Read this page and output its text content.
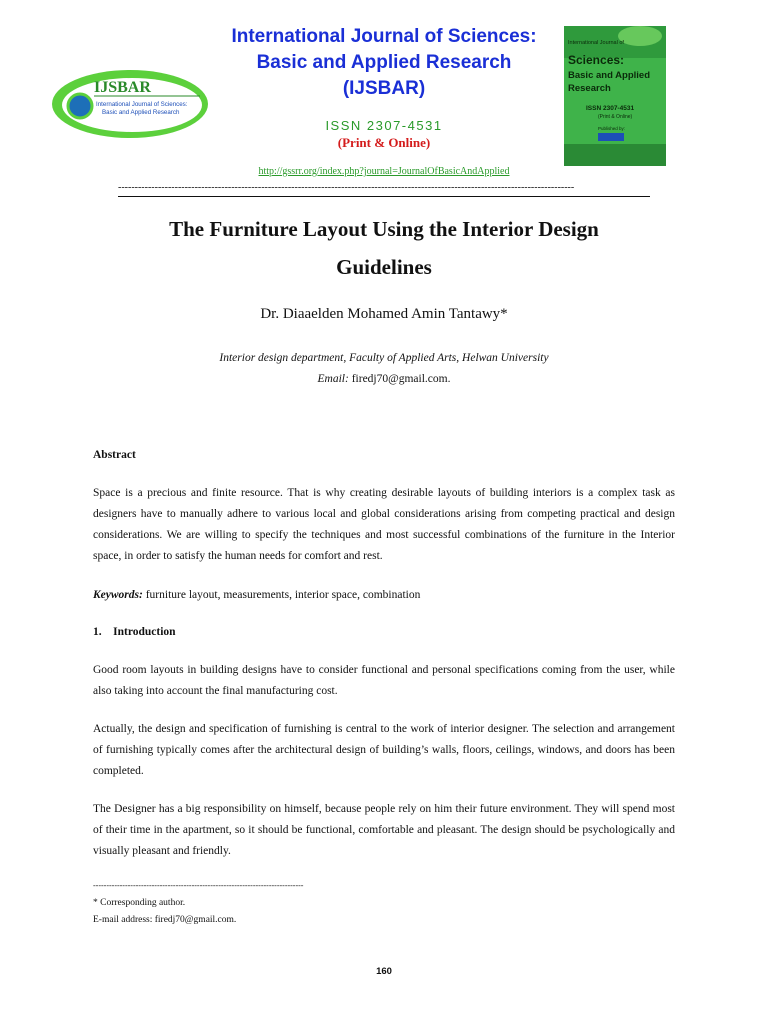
IJSBAR
International Journal of Sciences:
Basic and Applied Research
International Journal of Sciences:
Basic and Applied Research
(IJSBAR)
ISSN 2307-4531
(Print & Online)
http://gssrr.org/index.php?journal=JournalOfBasicAndApplied
International Journal of
Sciences:
Basic and Applied
Research
ISSN 2307-4531
(Print & Online)
Published by:
-----------------------------------------------------------------------------------------------------------------------------------------
The Furniture Layout Using the Interior Design
Guidelines
Dr. Diaaelden Mohamed Amin Tantawy*
Interior design department, Faculty of Applied Arts, Helwan University
Email: firedj70@gmail.com.
Abstract
Space is a precious and finite resource. That is why creating desirable layouts of building interiors is a complex task as designers have to manually adhere to various local and global considerations arising from competing practical and design considerations. We are willing to specify the techniques and most successful combinations of the furniture in the Interior space, in order to satisfy the human needs for comfort and rest.
Keywords: furniture layout, measurements, interior space, combination
1. Introduction
Good room layouts in building designs have to consider functional and personal specifications coming from the user, while also taking into account the final manufacturing cost.
Actually, the design and specification of furnishing is central to the work of interior designer. The selection and arrangement of furnishing typically comes after the architectural design of building’s walls, floors, ceilings, windows, and doors has been completed.
The Designer has a big responsibility on himself, because people rely on him their future environment. They will spend most of their time in the apartment, so it should be functional, comfortable and pleasant. The design should be psychologically and visually pleasant and friendly.
-------------------------------------------------------------------------------
* Corresponding author.
E-mail address: firedj70@gmail.com.
160
